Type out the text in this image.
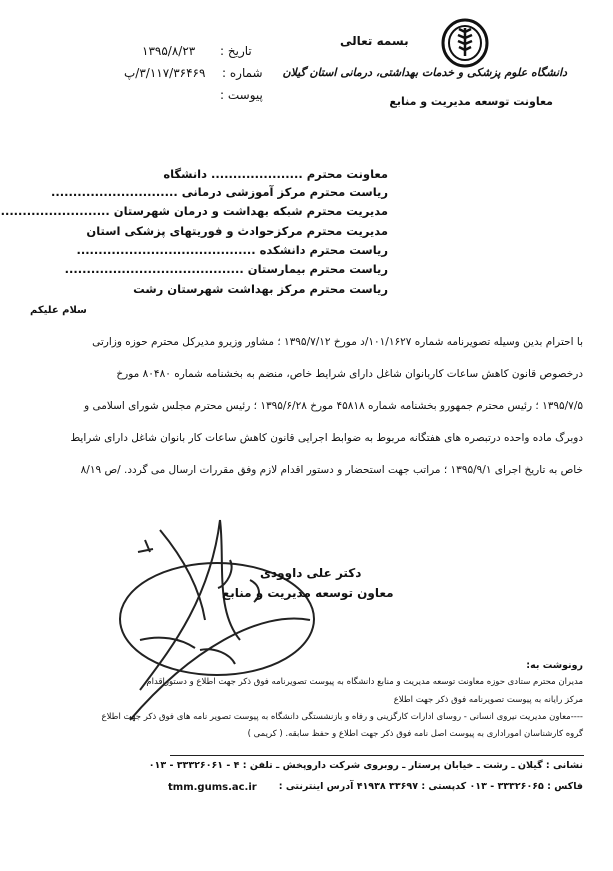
بسمه تعالی
دانشگاه علوم پزشکی و خدمات بهداشتی، درمانی استان گیلان
معاونت توسعه مدیریت و منابع
تاریخ :
۱۳۹۵/۸/۲۳
شماره :
۳/۱۱۷/۳۶۴۶۹/پ
پیوست :
معاونت محترم ..................... دانشگاه
ریاست محترم مرکز آموزشی درمانی .............................
مدیریت محترم شبکه بهداشت و درمان شهرستان .........................
مدیریت محترم مرکزحوادث و فوریتهای پزشکی استان
ریاست محترم دانشکده .........................................
ریاست محترم بیمارستان .........................................
ریاست محترم مرکز بهداشت شهرستان رشت
سلام علیکم
با احترام بدین وسیله تصویرنامه شماره ۱۰۱/۱۶۲۷/د مورخ ۱۳۹۵/۷/۱۲ ؛ مشاور وزیرو مدیرکل محترم حوزه وزارتی
درخصوص قانون کاهش ساعات کاربانوان شاغل دارای شرایط خاص، منضم به بخشنامه شماره ۸۰۴۸۰ مورخ
۱۳۹۵/۷/۵ ؛ رئیس محترم جمهورو بخشنامه شماره ۴۵۸۱۸ مورخ ۱۳۹۵/۶/۲۸ ؛ رئیس محترم مجلس شورای اسلامی و
دوبرگ ماده واحده درتبصره های هفتگانه مربوط به ضوابط اجرایی قانون کاهش ساعات کار بانوان شاغل دارای شرایط
خاص به تاریخ اجرای ۱۳۹۵/۹/۱ ؛ مراتب جهت استحضار و دستور اقدام لازم وفق مقررات ارسال می گردد. /ص ۸/۱۹
دکتر علی داوودی
معاون توسعه مدیریت و منابع
رونوشت به:
مدیران محترم ستادی حوزه معاونت توسعه مدیریت و منابع دانشگاه به پیوست تصویرنامه فوق ذکر جهت اطلاع و دستوراقدام
مرکز رایانه به پیوست تصویرنامه فوق ذکر جهت اطلاع
----معاون مدیریت نیروی انسانی - روسای ادارات کارگزینی و رفاه و بازنشستگی دانشگاه به پیوست تصویر نامه های فوق ذکر جهت اطلاع
گروه کارشناسان اموراداری به پیوست اصل نامه فوق ذکر جهت اطلاع و حفظ سابقه. ( کریمی )
نشانی : گیلان ـ رشت ـ خیابان پرستار ـ روبروی شرکت داروپخش ـ تلفن : ۴ - ۳۳۳۲۶۰۶۱ - ۰۱۳
فاکس : ۳۳۳۲۶۰۶۵ - ۰۱۳ کدپستی : ۳۳۶۹۷ ۴۱۹۳۸ آدرس اینترنتی :
tmm.gums.ac.ir
